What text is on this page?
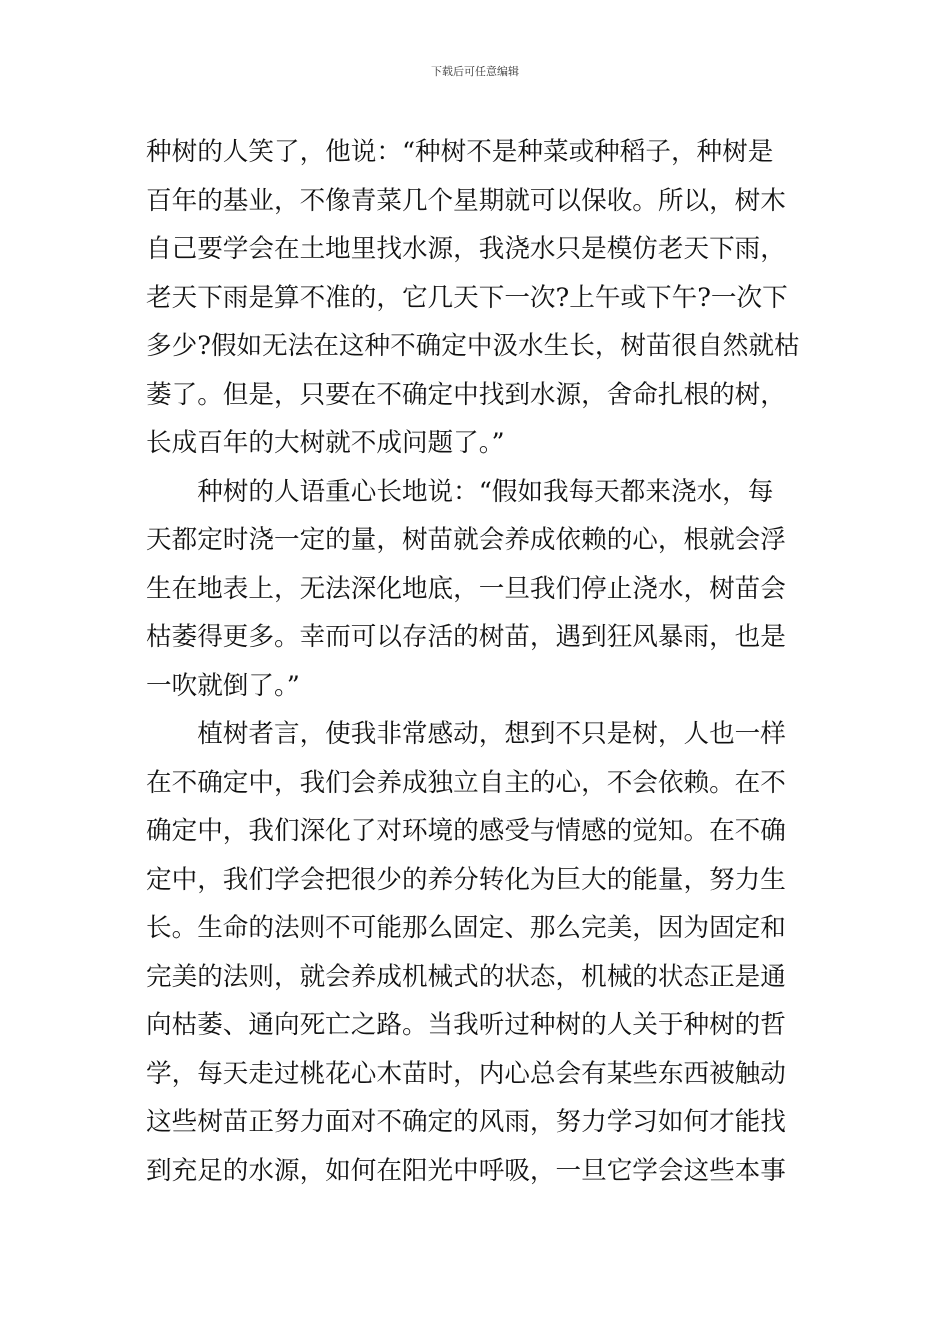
下载后可任意编辑
种树的人笑了，他说：“种树不是种菜或种稻子，种树是
百年的基业，不像青菜几个星期就可以保收。所以，树木
自己要学会在土地里找水源，我浇水只是模仿老天下雨，
老天下雨是算不准的，它几天下一次?上午或下午?一次下
多少?假如无法在这种不确定中汲水生长，树苗很自然就枯
萎了。但是，只要在不确定中找到水源，舍命扎根的树，
长成百年的大树就不成问题了。”
　　种树的人语重心长地说：“假如我每天都来浇水，每
天都定时浇一定的量，树苗就会养成依赖的心，根就会浮
生在地表上，无法深化地底，一旦我们停止浇水，树苗会
枯萎得更多。幸而可以存活的树苗，遇到狂风暴雨，也是
一吹就倒了。”
　　植树者言，使我非常感动，想到不只是树，人也一样
在不确定中，我们会养成独立自主的心，不会依赖。在不
确定中，我们深化了对环境的感受与情感的觉知。在不确
定中，我们学会把很少的养分转化为巨大的能量，努力生
长。生命的法则不可能那么固定、那么完美，因为固定和
完美的法则，就会养成机械式的状态，机械的状态正是通
向枯萎、通向死亡之路。当我听过种树的人关于种树的哲
学，每天走过桃花心木苗时，内心总会有某些东西被触动
这些树苗正努力面对不确定的风雨，努力学习如何才能找
到充足的水源，如何在阳光中呼吸，一旦它学会这些本事
